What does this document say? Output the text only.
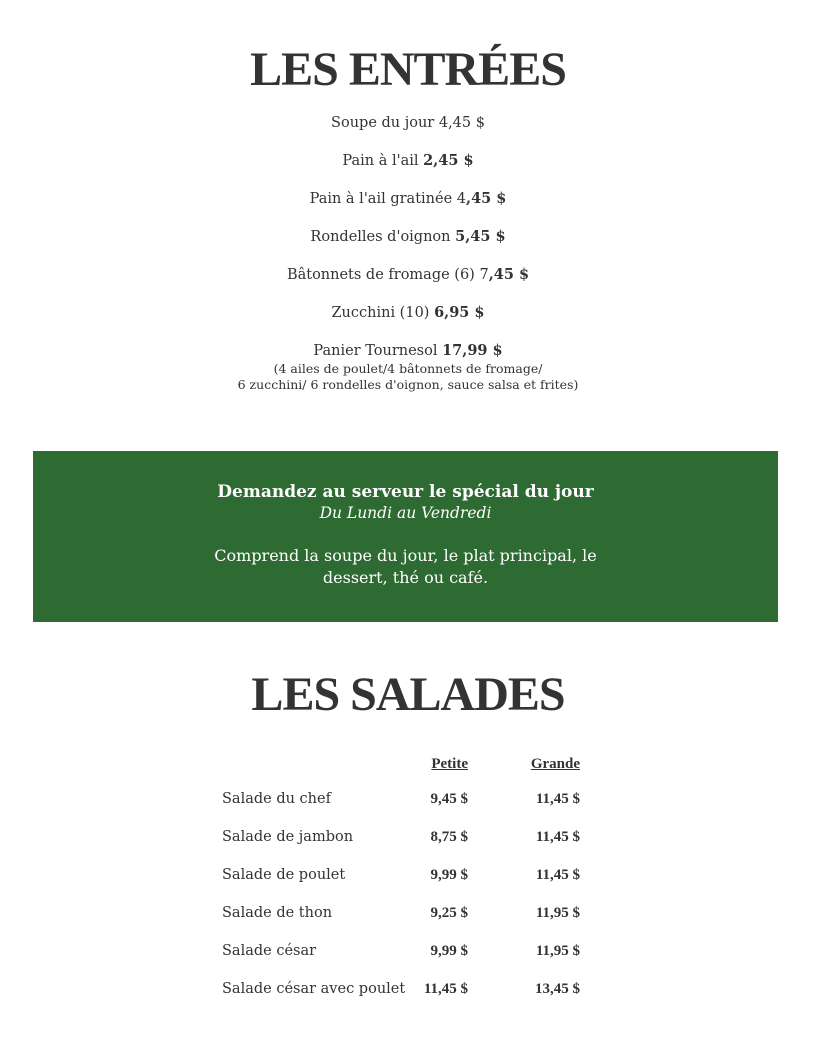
LES ENTRÉES
Soupe du jour 4,45 $
Pain à l'ail 2,45 $
Pain à l'ail gratinée 4,45 $
Rondelles d'oignon 5,45 $
Bâtonnets de fromage (6) 7,45 $
Zucchini (10) 6,95 $
Panier Tournesol 17,99 $
(4 ailes de poulet/4 bâtonnets de fromage/
6 zucchini/ 6 rondelles d'oignon, sauce salsa et frites)
Demandez au serveur le spécial du jour
Du Lundi au Vendredi
Comprend la soupe du jour, le plat principal, le dessert, thé ou café.
LES SALADES
	Petite	Grande
Salade du chef	9,45 $	11,45 $
Salade de jambon	8,75 $	11,45 $
Salade de poulet	9,99 $	11,45 $
Salade de thon	9,25 $	11,95 $
Salade césar	9,99 $	11,95 $
Salade césar avec poulet	11,45 $	13,45 $
